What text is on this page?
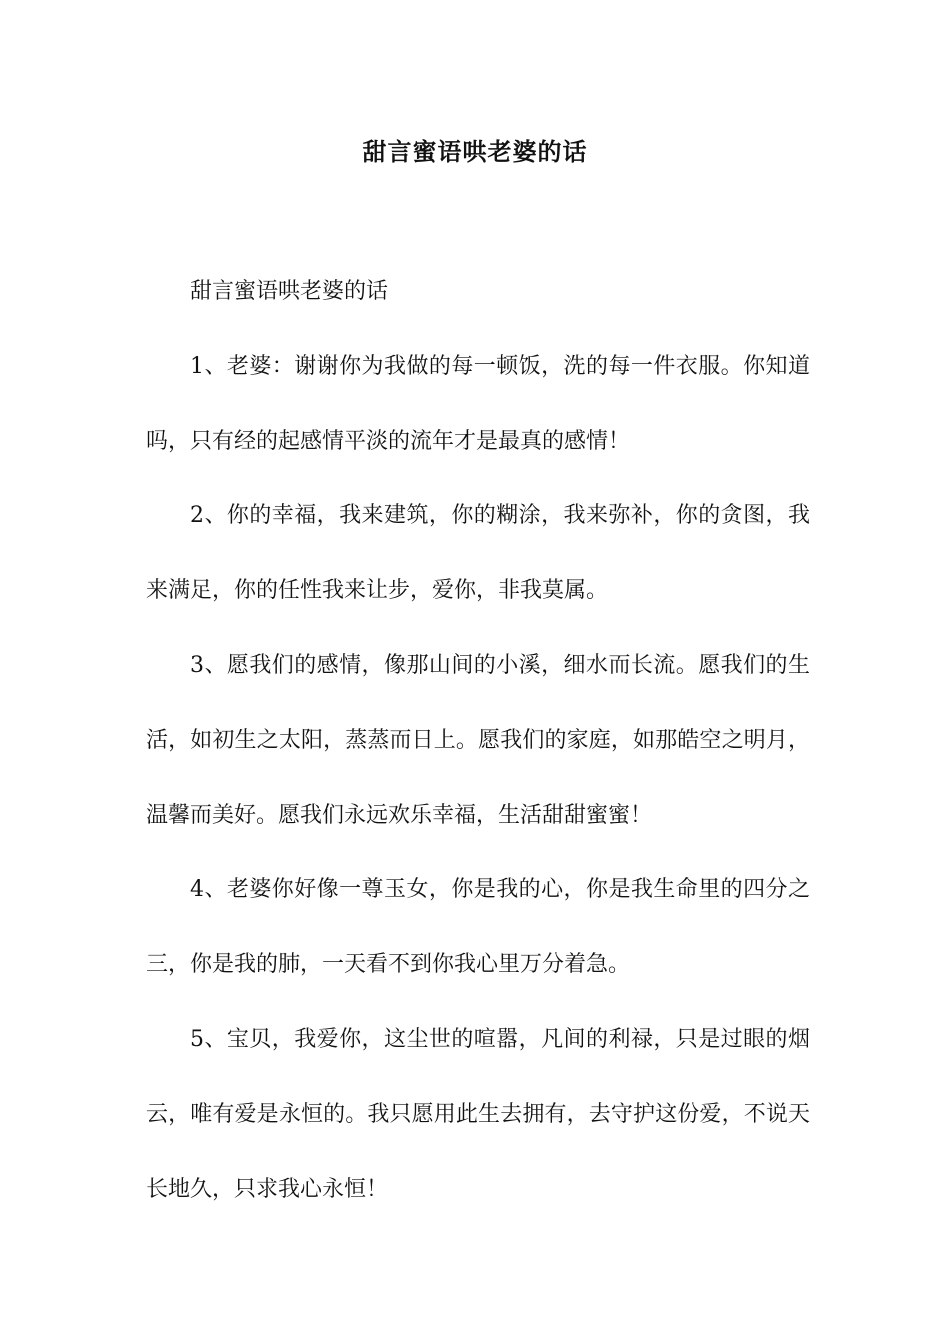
甜言蜜语哄老婆的话

甜言蜜语哄老婆的话

1、老婆：谢谢你为我做的每一顿饭，洗的每一件衣服。你知道吗，只有经的起感情平淡的流年才是最真的感情！

2、你的幸福，我来建筑，你的糊涂，我来弥补，你的贪图，我来满足，你的任性我来让步，爱你，非我莫属。

3、愿我们的感情，像那山间的小溪，细水而长流。愿我们的生活，如初生之太阳，蒸蒸而日上。愿我们的家庭，如那皓空之明月，温馨而美好。愿我们永远欢乐幸福，生活甜甜蜜蜜！

4、老婆你好像一尊玉女，你是我的心，你是我生命里的四分之三，你是我的肺，一天看不到你我心里万分着急。

5、宝贝，我爱你，这尘世的喧嚣，凡间的利禄，只是过眼的烟云，唯有爱是永恒的。我只愿用此生去拥有，去守护这份爱，不说天长地久，只求我心永恒！
